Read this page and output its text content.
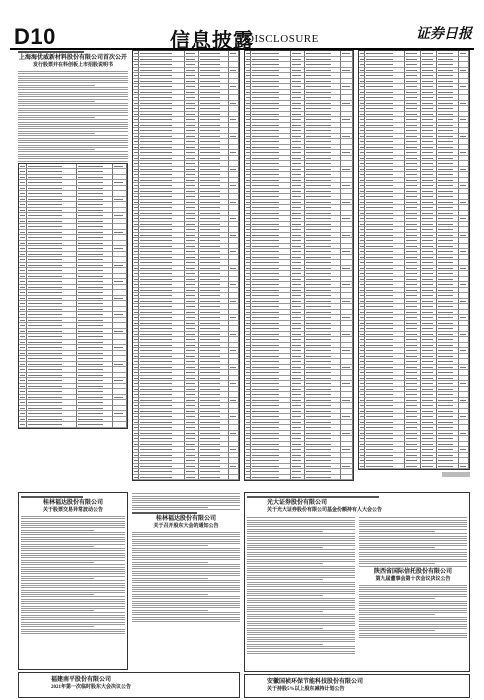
D10	信息披露
DISCLOSURE	证券日报
上海海优威新材料股份有限公司首次公开
发行股票并在科创板上市招股说明书
桂林福达股份有限公司
关于股票交易异常波动公告
桂林福达股份有限公司
关于召开股东大会的通知公告
福建南平股份有限公司
2021年第一次临时股东大会决议公告
光大证券股份有限公司
关于光大证券股份有限公司基金份额持有人大会公告
陕西省国际信托股份有限公司
第九届董事会第十次会议决议公告
安徽国祯环保节能科技股份有限公司
关于持股5%以上股东减持计划公告
